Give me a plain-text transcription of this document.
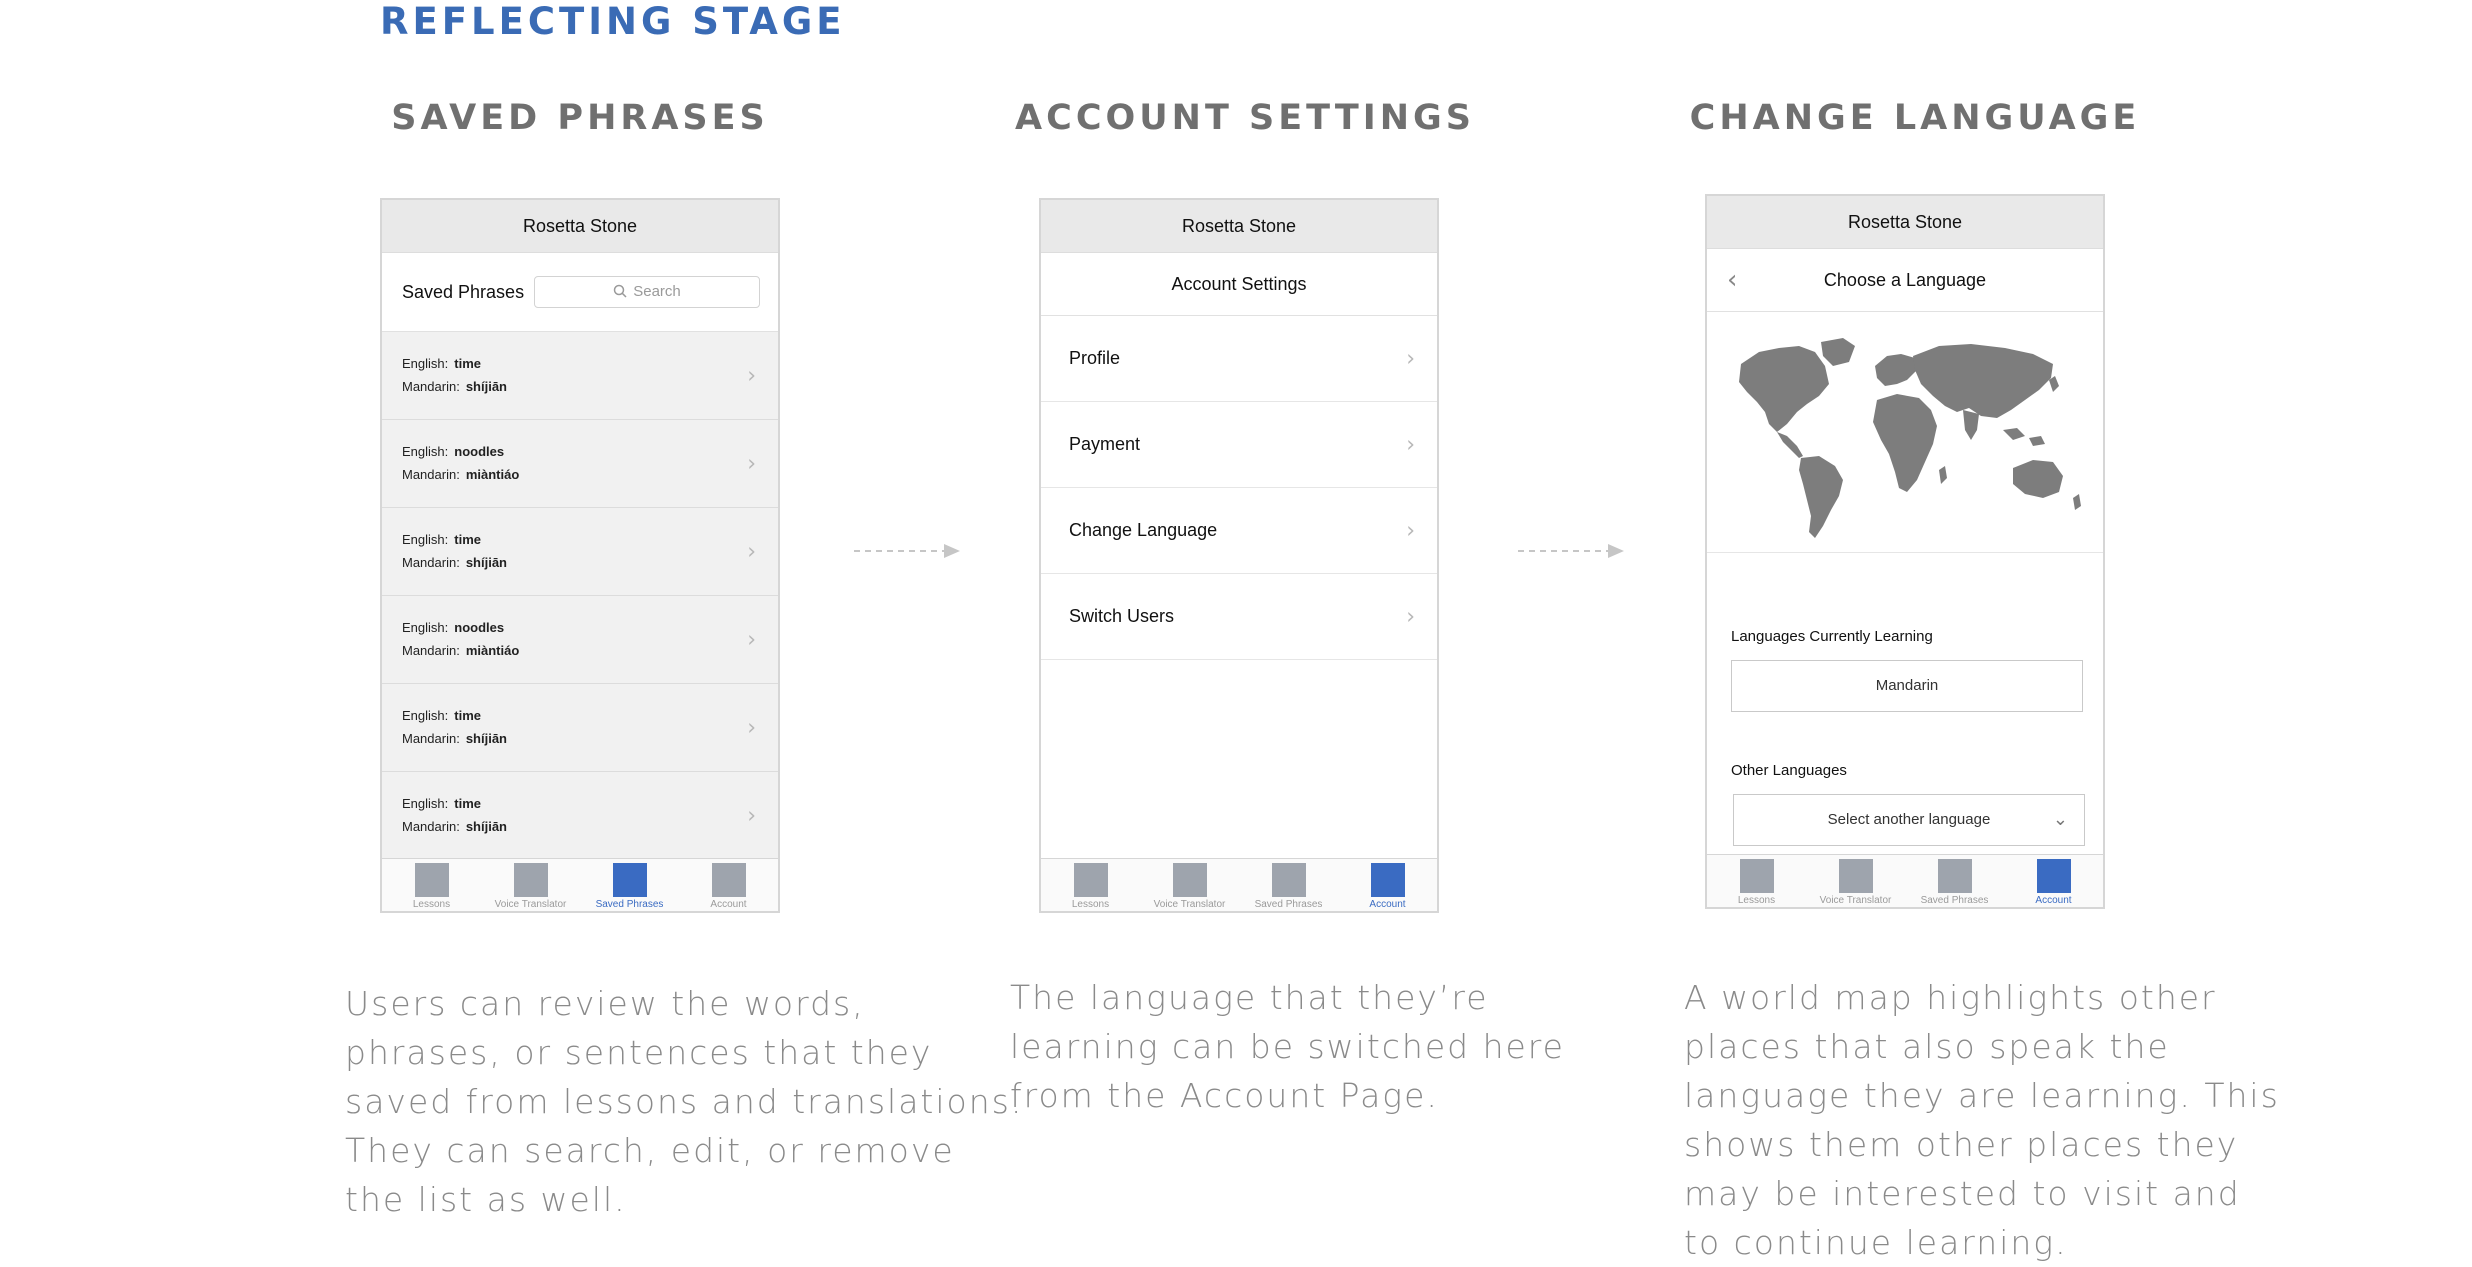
REFLECTING STAGE
SAVED PHRASES	ACCOUNT SETTINGS	CHANGE LANGUAGE
Rosetta Stone
Saved Phrases	Search
English: time
Mandarin: shíjiān	›
English: noodles
Mandarin: miàntiáo	›
English: time
Mandarin: shíjiān	›
English: noodles
Mandarin: miàntiáo	›
English: time
Mandarin: shíjiān	›
English: time
Mandarin: shíjiān	›
Lessons	Voice Translator	Saved Phrases	Account
Rosetta Stone
Account Settings
Profile	›
Payment	›
Change Language	›
Switch Users	›
Lessons	Voice Translator	Saved Phrases	Account
Rosetta Stone
‹	Choose a Language
Languages Currently Learning
Mandarin
Other Languages
Select another language	⌄
Lessons	Voice Translator	Saved Phrases	Account
Users can review the words,
phrases, or sentences that they
saved from lessons and translations.
They can search, edit, or remove
the list as well.
The language that they’re
learning can be switched here
from the Account Page.
A world map highlights other
places that also speak the
language they are learning. This
shows them other places they
may be interested to visit and
to continue learning.
